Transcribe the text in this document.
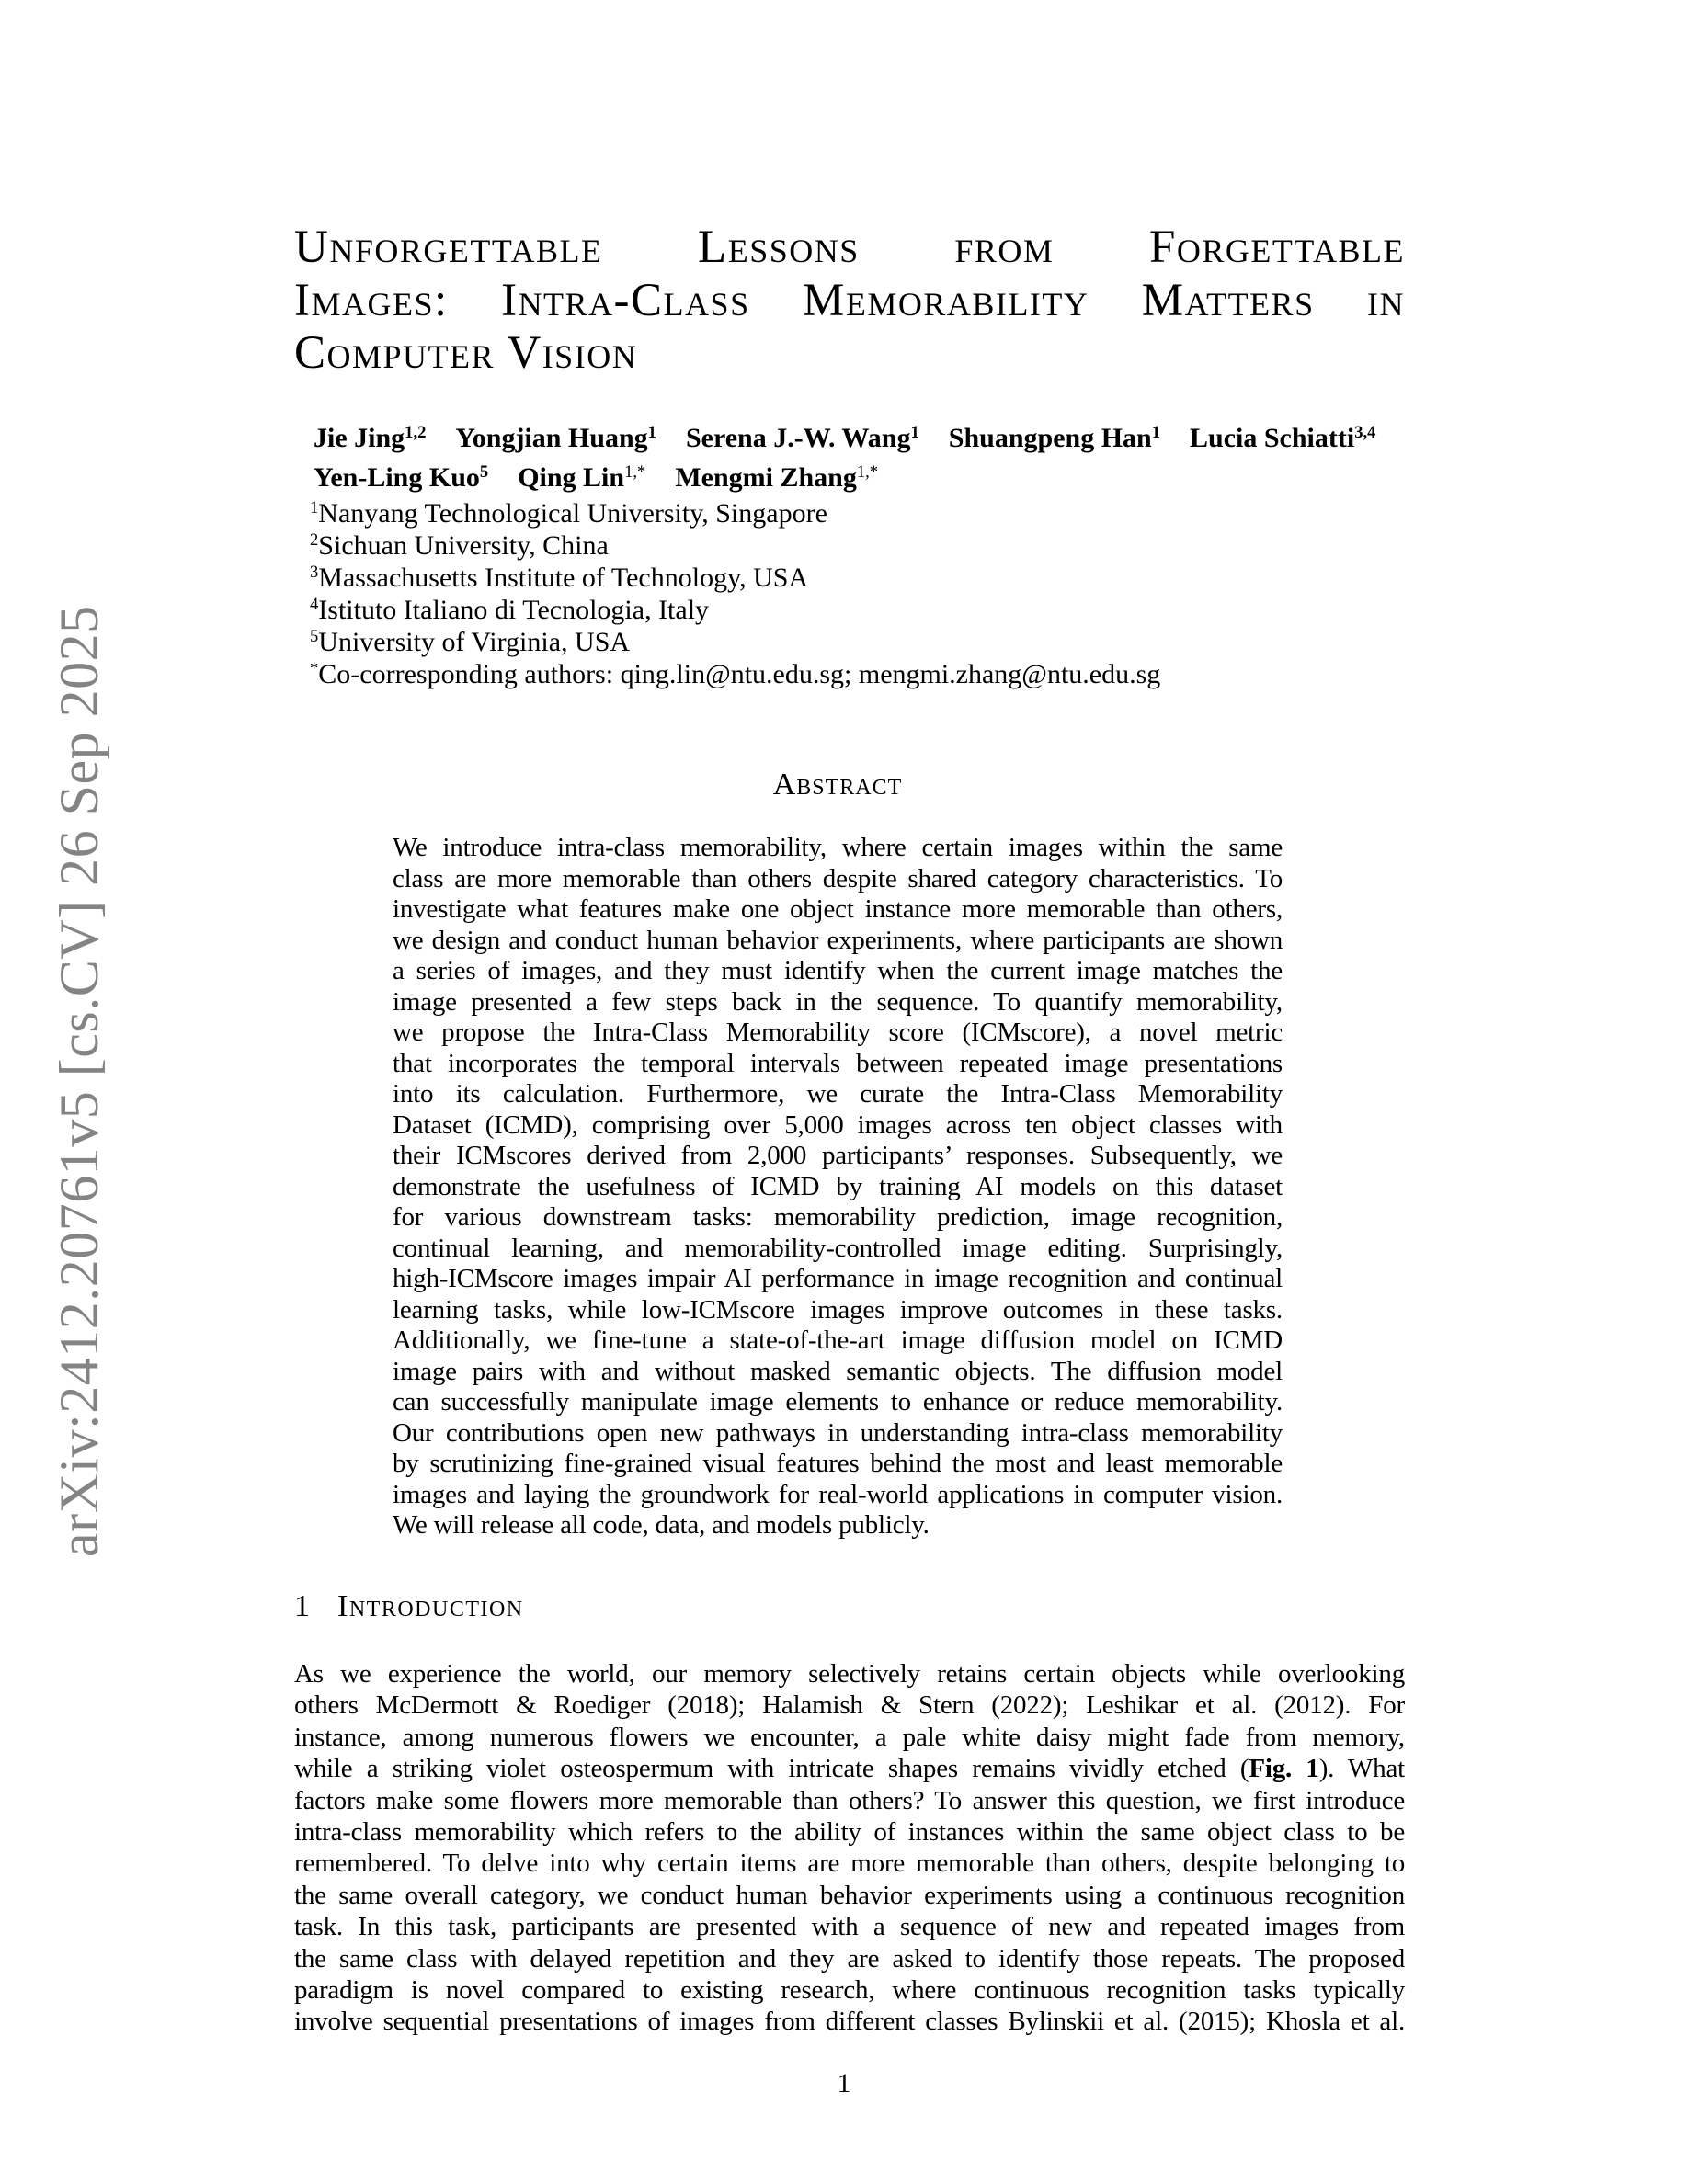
arXiv:2412.20761v5 [cs.CV] 26 Sep 2025
Unforgettable Lessons from Forgettable
Images: Intra-Class Memorability Matters in
Computer Vision
Jie Jing$^{1,2}$ Yongjian Huang$^1$ Serena J.-W. Wang$^1$ Shuangpeng Han$^1$ Lucia Schiatti$^{3,4}$
Yen-Ling Kuo$^5$ Qing Lin$^{1,*}$ Mengmi Zhang$^{1,*}$
$^1$Nanyang Technological University, Singapore
$^2$Sichuan University, China
$^3$Massachusetts Institute of Technology, USA
$^4$Istituto Italiano di Tecnologia, Italy
$^5$University of Virginia, USA
*Co-corresponding authors: qing.lin@ntu.edu.sg; mengmi.zhang@ntu.edu.sg
Abstract
We introduce intra-class memorability, where certain images within the same
class are more memorable than others despite shared category characteristics. To
investigate what features make one object instance more memorable than others,
we design and conduct human behavior experiments, where participants are shown
a series of images, and they must identify when the current image matches the
image presented a few steps back in the sequence. To quantify memorability,
we propose the Intra-Class Memorability score (ICMscore), a novel metric
that incorporates the temporal intervals between repeated image presentations
into its calculation. Furthermore, we curate the Intra-Class Memorability
Dataset (ICMD), comprising over 5,000 images across ten object classes with
their ICMscores derived from 2,000 participants’ responses. Subsequently, we
demonstrate the usefulness of ICMD by training AI models on this dataset
for various downstream tasks: memorability prediction, image recognition,
continual learning, and memorability-controlled image editing. Surprisingly,
high-ICMscore images impair AI performance in image recognition and continual
learning tasks, while low-ICMscore images improve outcomes in these tasks.
Additionally, we fine-tune a state-of-the-art image diffusion model on ICMD
image pairs with and without masked semantic objects. The diffusion model
can successfully manipulate image elements to enhance or reduce memorability.
Our contributions open new pathways in understanding intra-class memorability
by scrutinizing fine-grained visual features behind the most and least memorable
images and laying the groundwork for real-world applications in computer vision.
We will release all code, data, and models publicly.
1 Introduction
As we experience the world, our memory selectively retains certain objects while overlooking
others McDermott & Roediger (2018); Halamish & Stern (2022); Leshikar et al. (2012). For
instance, among numerous flowers we encounter, a pale white daisy might fade from memory,
while a striking violet osteospermum with intricate shapes remains vividly etched (Fig. 1). What
factors make some flowers more memorable than others? To answer this question, we first introduce
intra-class memorability which refers to the ability of instances within the same object class to be
remembered. To delve into why certain items are more memorable than others, despite belonging to
the same overall category, we conduct human behavior experiments using a continuous recognition
task. In this task, participants are presented with a sequence of new and repeated images from
the same class with delayed repetition and they are asked to identify those repeats. The proposed
paradigm is novel compared to existing research, where continuous recognition tasks typically
involve sequential presentations of images from different classes Bylinskii et al. (2015); Khosla et al.
1
